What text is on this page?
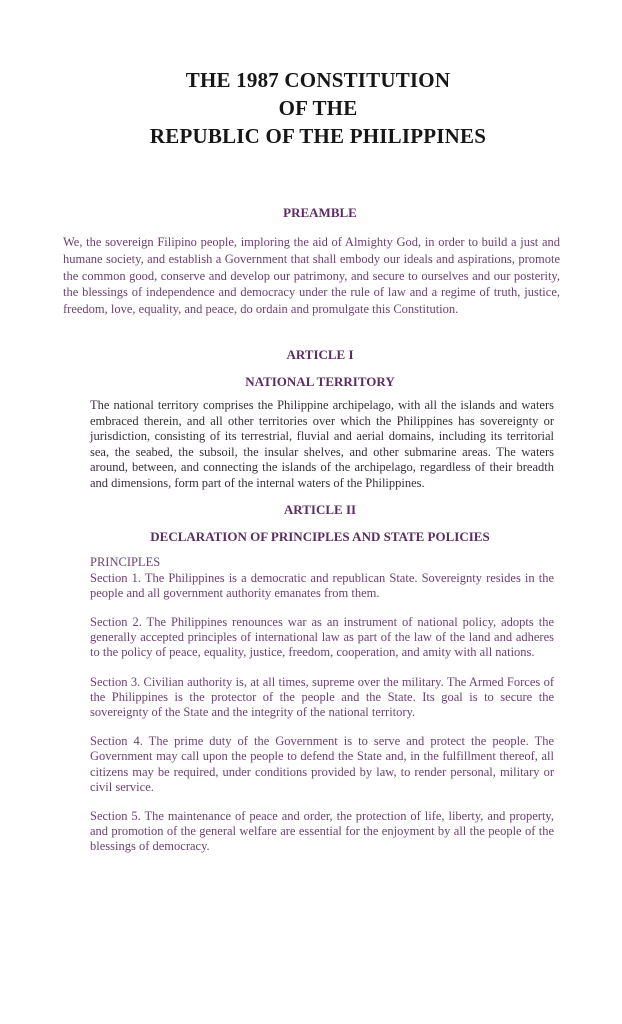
THE 1987 CONSTITUTION
OF THE
REPUBLIC OF THE PHILIPPINES
PREAMBLE

We, the sovereign Filipino people, imploring the aid of Almighty God, in order to build a just and humane society, and establish a Government that shall embody our ideals and aspirations, promote the common good, conserve and develop our patrimony, and secure to ourselves and our posterity, the blessings of independence and democracy under the rule of law and a regime of truth, justice, freedom, love, equality, and peace, do ordain and promulgate this Constitution.

ARTICLE I
NATIONAL TERRITORY

The national territory comprises the Philippine archipelago, with all the islands and waters embraced therein, and all other territories over which the Philippines has sovereignty or jurisdiction, consisting of its terrestrial, fluvial and aerial domains, including its territorial sea, the seabed, the subsoil, the insular shelves, and other submarine areas. The waters around, between, and connecting the islands of the archipelago, regardless of their breadth and dimensions, form part of the internal waters of the Philippines.

ARTICLE II
DECLARATION OF PRINCIPLES AND STATE POLICIES
PRINCIPLES

Section 1. The Philippines is a democratic and republican State. Sovereignty resides in the people and all government authority emanates from them.

Section 2. The Philippines renounces war as an instrument of national policy, adopts the generally accepted principles of international law as part of the law of the land and adheres to the policy of peace, equality, justice, freedom, cooperation, and amity with all nations.

Section 3. Civilian authority is, at all times, supreme over the military. The Armed Forces of the Philippines is the protector of the people and the State. Its goal is to secure the sovereignty of the State and the integrity of the national territory.

Section 4. The prime duty of the Government is to serve and protect the people. The Government may call upon the people to defend the State and, in the fulfillment thereof, all citizens may be required, under conditions provided by law, to render personal, military or civil service.

Section 5. The maintenance of peace and order, the protection of life, liberty, and property, and promotion of the general welfare are essential for the enjoyment by all the people of the blessings of democracy.
